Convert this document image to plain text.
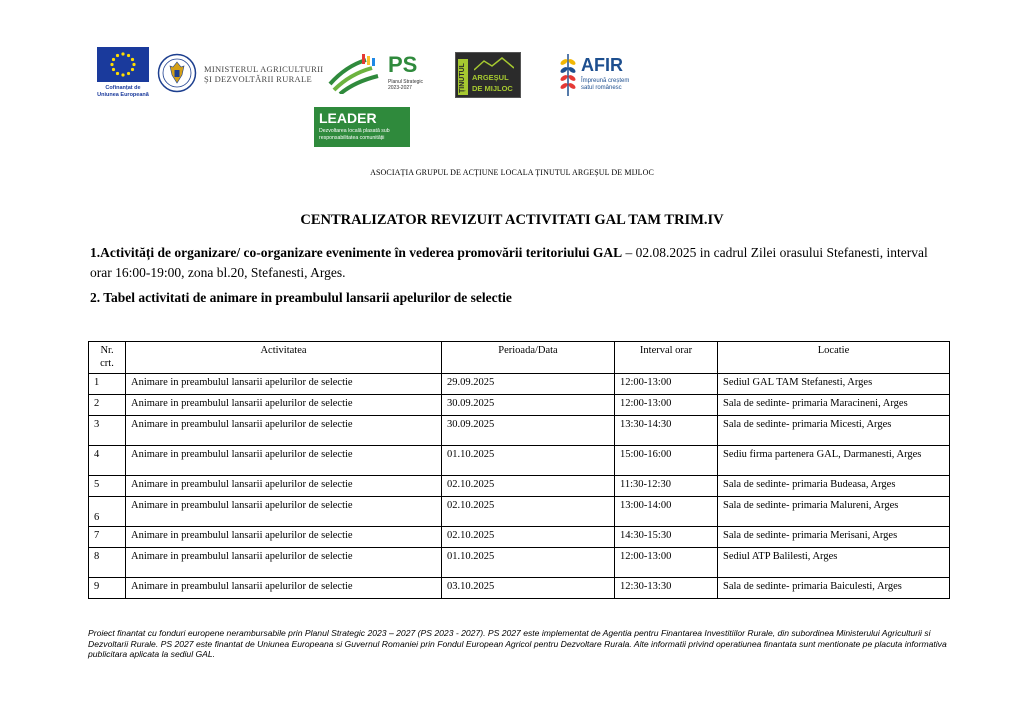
Cofinanțat de
Uniunea Europeană
MINISTERUL AGRICULTURII
ȘI DEZVOLTĂRII RURALE
PS
Planul Strategic
2023-2027
LEADER
Dezvoltarea locală plasată sub
responsabilitatea comunității
ȚINUTUL ARGEȘUL
DE MIJLOC
AFIR
Împreună creștem
satul românesc
ASOCIAȚIA GRUPUL DE ACȚIUNE LOCALA ȚINUTUL ARGEȘUL DE MIJLOC
CENTRALIZATOR REVIZUIT ACTIVITATI GAL TAM TRIM.IV
1.Activități de organizare/ co-organizare evenimente în vederea promovării teritoriului GAL – 02.08.2025 in cadrul Zilei orasului Stefanesti, interval orar 16:00-19:00, zona bl.20, Stefanesti, Arges.
2. Tabel activitati de animare in preambulul lansarii apelurilor de selectie
Nr.
crt.	Activitatea	Perioada/Data	Interval orar	Locatie
1	Animare in preambulul lansarii apelurilor de selectie	29.09.2025	12:00-13:00	Sediul GAL TAM Stefanesti, Arges
2	Animare in preambulul lansarii apelurilor de selectie	30.09.2025	12:00-13:00	Sala de sedinte- primaria Maracineni, Arges
3	Animare in preambulul lansarii apelurilor de selectie	30.09.2025	13:30-14:30	Sala de sedinte- primaria Micesti, Arges
4	Animare in preambulul lansarii apelurilor de selectie	01.10.2025	15:00-16:00	Sediu firma partenera GAL, Darmanesti, Arges
5	Animare in preambulul lansarii apelurilor de selectie	02.10.2025	11:30-12:30	Sala de sedinte- primaria Budeasa, Arges
6	Animare in preambulul lansarii apelurilor de selectie	02.10.2025	13:00-14:00	Sala de sedinte- primaria Malureni, Arges
7	Animare in preambulul lansarii apelurilor de selectie	02.10.2025	14:30-15:30	Sala de sedinte- primaria Merisani, Arges
8	Animare in preambulul lansarii apelurilor de selectie	01.10.2025	12:00-13:00	Sediul ATP Balilesti, Arges
9	Animare in preambulul lansarii apelurilor de selectie	03.10.2025	12:30-13:30	Sala de sedinte- primaria Baiculesti, Arges
Proiect finantat cu fonduri europene nerambursabile prin Planul Strategic 2023 – 2027 (PS 2023 - 2027). PS 2027 este implementat de Agentia pentru Finantarea Investitiilor Rurale, din subordinea Ministerului Agriculturii si Dezvoltarii Rurale. PS 2027 este finantat de Uniunea Europeana si Guvernul Romaniei prin Fondul European Agricol pentru Dezvoltare Rurala. Alte informatii privind operatiunea finantata sunt mentionate pe placuta informativa publicitara aplicata la sediul GAL.
